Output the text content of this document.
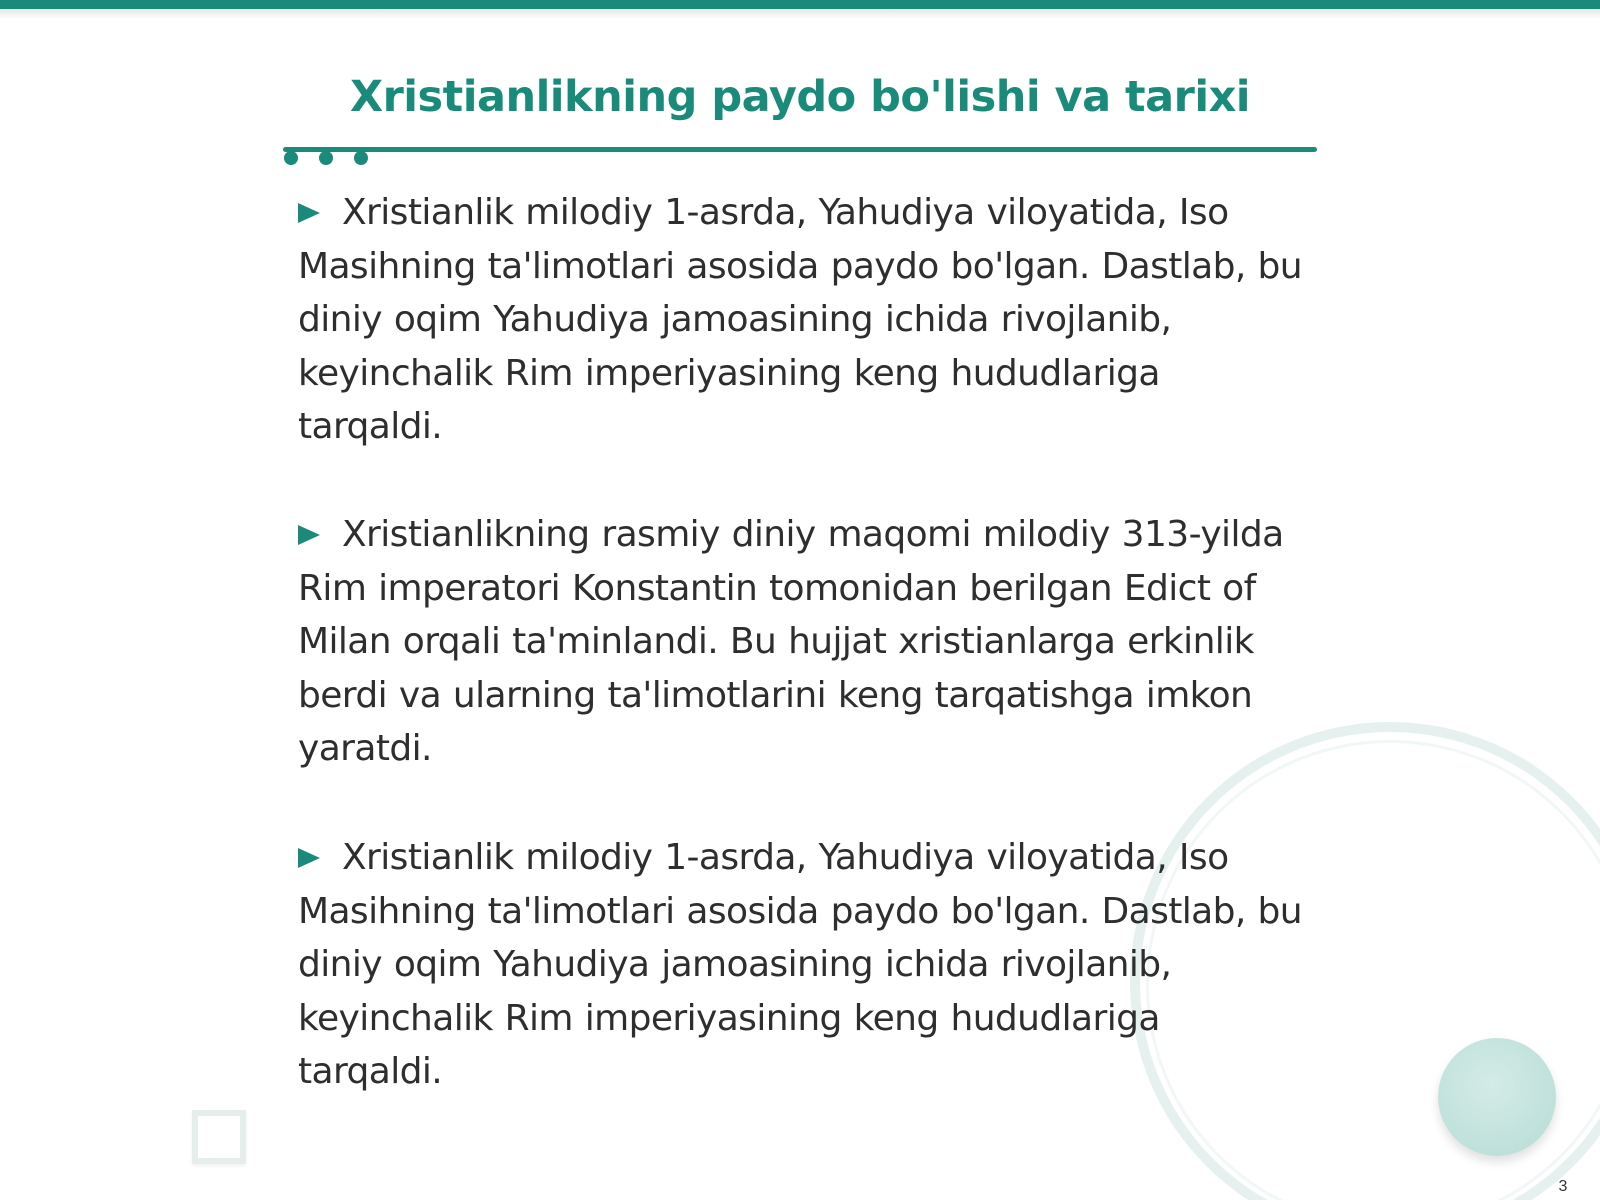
Xristianlikning paydo bo'lishi va tarixi
Xristianlik milodiy 1-asrda, Yahudiya viloyatida, Iso Masihning ta'limotlari asosida paydo bo'lgan. Dastlab, bu diniy oqim Yahudiya jamoasining ichida rivojlanib, keyinchalik Rim imperiyasining keng hududlariga tarqaldi.
Xristianlikning rasmiy diniy maqomi milodiy 313-yilda Rim imperatori Konstantin tomonidan berilgan Edict of Milan orqali ta'minlandi. Bu hujjat xristianlarga erkinlik berdi va ularning ta'limotlarini keng tarqatishga imkon yaratdi.
Xristianlik milodiy 1-asrda, Yahudiya viloyatida, Iso Masihning ta'limotlari asosida paydo bo'lgan. Dastlab, bu diniy oqim Yahudiya jamoasining ichida rivojlanib, keyinchalik Rim imperiyasining keng hududlariga tarqaldi.
3
